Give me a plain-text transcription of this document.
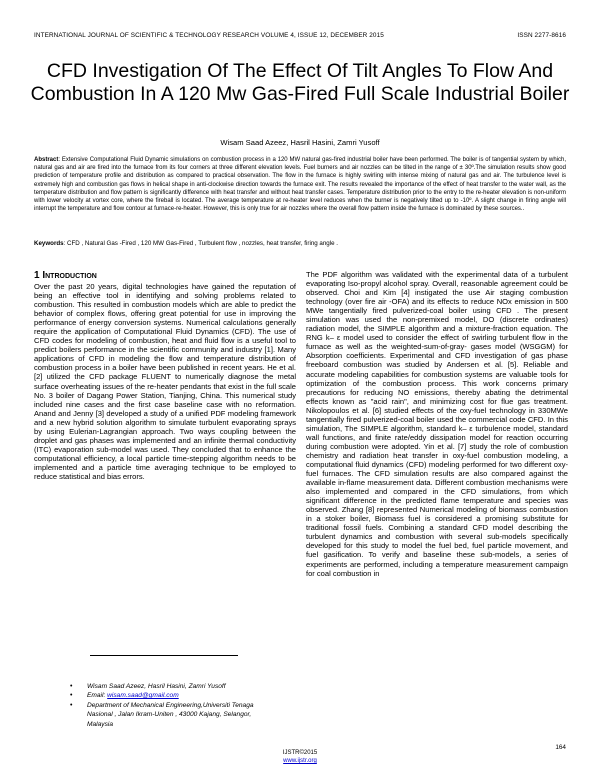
INTERNATIONAL JOURNAL OF SCIENTIFIC & TECHNOLOGY RESEARCH VOLUME 4, ISSUE 12, DECEMBER 2015	ISSN 2277-8616
CFD Investigation Of The Effect Of Tilt Angles To Flow And Combustion In A 120 Mw Gas-Fired Full Scale Industrial Boiler
Wisam Saad Azeez, Hasril Hasini, Zamri Yusoff
Abstract: Extensive Computational Fluid Dynamic simulations on combustion process in a 120 MW natural gas-fired industrial boiler have been performed. The boiler is of tangential system by which, natural gas and air are fired into the furnace from its four corners at three different elevation levels. Fuel burners and air nozzles can be tilted in the range of ± 30º.The simulation results show good prediction of temperature profile and distribution as compared to practical observation. The flow in the furnace is highly swirling with intense mixing of natural gas and air. The turbulence level is extremely high and combustion gas flows in helical shape in anti-clockwise direction towards the furnace exit. The results revealed the importance of the effect of heat transfer to the water wall, as the temperature distribution and flow pattern is significantly difference with heat transfer and without heat transfer cases. Temperature distribution prior to the entry to the re-heater elevation is non-uniform with lower velocity at vortex core, where the fireball is located. The average temperature at re-heater level reduces when the burner is negatively tilted up to -10º. A slight change in firing angle will interrupt the temperature and flow contour at furnace-re-heater. However, this is only true for air nozzles where the overall flow pattern inside the furnace is dominated by these sources..
Keywords: CFD , Natural Gas -Fired , 120 MW Gas-Fired , Turbulent flow , nozzles, heat transfer, firing angle .
1 Introduction

Over the past 20 years, digital technologies have gained the reputation of being an effective tool in identifying and solving problems related to combustion. This resulted in combustion models which are able to predict the behavior of complex flows, offering great potential for use in improving the performance of energy conversion systems. Numerical calculations generally require the application of Computational Fluid Dynamics (CFD). The use of CFD codes for modeling of combustion, heat and fluid flow is a useful tool to predict boilers performance in the scientific community and industry [1]. Many applications of CFD in modeling the flow and temperature distribution of combustion process in a boiler have been published in recent years. He et al. [2] utilized the CFD package FLUENT to numerically diagnose the metal surface overheating issues of the re-heater pendants that exist in the full scale No. 3 boiler of Dagang Power Station, Tianjing, China. This numerical study included nine cases and the first case baseline case with no reformation. Anand and Jenny [3] developed a study of a unified PDF modeling framework and a new hybrid solution algorithm to simulate turbulent evaporating sprays by using Eulerian-Lagrangian approach. Two ways coupling between the droplet and gas phases was implemented and an infinite thermal conductivity (ITC) evaporation sub-model was used. They concluded that to enhance the computational efficiency, a local particle time-stepping algorithm needs to be implemented and a particle time averaging technique to be employed to reduce statistical and bias errors.

The PDF algorithm was validated with the experimental data of a turbulent evaporating Iso-propyl alcohol spray. Overall, reasonable agreement could be observed. Choi and Kim [4] instigated the use Air staging combustion technology (over fire air -OFA) and its effects to reduce NOx emission in 500 MWe tangentially fired pulverized-coal boiler using CFD . The present simulation was used the non-premixed model, DO (discrete ordinates) radiation model, the SIMPLE algorithm and a mixture-fraction equation. The RNG k– ε model used to consider the effect of swirling turbulent flow in the furnace as well as the weighted-sum-of-gray- gases model (WSGGM) for Absorption coefficients. Experimental and CFD investigation of gas phase freeboard combustion was studied by Andersen et al. [5]. Reliable and accurate modeling capabilities for combustion systems are valuable tools for optimization of the combustion process. This work concerns primary precautions for reducing NO emissions, thereby abating the detrimental effects known as "acid rain", and minimizing cost for flue gas treatment. Nikolopoulos et al. [6] studied effects of the oxy-fuel technology in 330MWe tangentially fired pulverized-coal boiler used the commercial code CFD. In this simulation, The SIMPLE algorithm, standard k– ε turbulence model, standard wall functions, and finite rate/eddy dissipation model for reaction occurring during combustion were adopted. Yin et al. [7] study the role of combustion chemistry and radiation heat transfer in oxy-fuel combustion modeling, a computational fluid dynamics (CFD) modeling performed for two different oxy-fuel furnaces. The CFD simulation results are also compared against the available in-flame measurement data. Different combustion mechanisms were also implemented and compared in the CFD simulations, from which significant difference in the predicted flame temperature and species was observed. Zhang [8] represented Numerical modeling of biomass combustion in a stoker boiler, Biomass fuel is considered a promising substitute for traditional fossil fuels. Combining a standard CFD model describing the turbulent dynamics and combustion with several sub-models specifically developed for this study to model the fuel bed, fuel particle movement, and fuel gasification. To verify and baseline these sub-models, a series of experiments are performed, including a temperature measurement campaign for coal combustion in

• Wisam Saad Azeez, Hasril Hasini, Zamri Yusoff
• Email: wisam.saad@gmail.com
• Department of Mechanical Engineering,Universiti Tenaga Nasional , Jalan Ikram-Uniten , 43000 Kajang, Selangor, Malaysia
164
IJSTR©2015
www.ijstr.org
